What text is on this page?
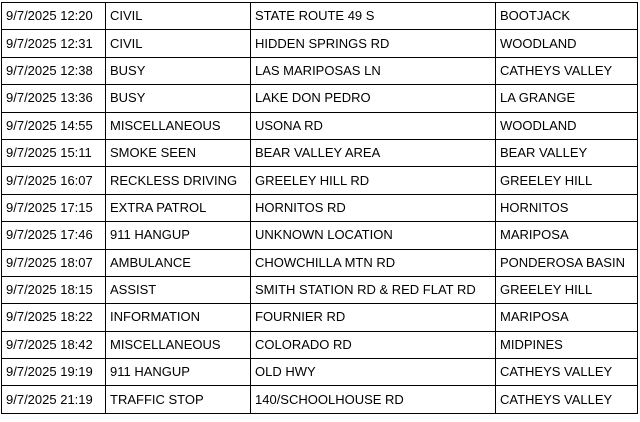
9/7/2025 12:20	CIVIL	STATE ROUTE 49 S	BOOTJACK
9/7/2025 12:31	CIVIL	HIDDEN SPRINGS RD	WOODLAND
9/7/2025 12:38	BUSY	LAS MARIPOSAS LN	CATHEYS VALLEY
9/7/2025 13:36	BUSY	LAKE DON PEDRO	LA GRANGE
9/7/2025 14:55	MISCELLANEOUS	USONA RD	WOODLAND
9/7/2025 15:11	SMOKE SEEN	BEAR VALLEY AREA	BEAR VALLEY
9/7/2025 16:07	RECKLESS DRIVING	GREELEY HILL RD	GREELEY HILL
9/7/2025 17:15	EXTRA PATROL	HORNITOS RD	HORNITOS
9/7/2025 17:46	911 HANGUP	UNKNOWN LOCATION	MARIPOSA
9/7/2025 18:07	AMBULANCE	CHOWCHILLA MTN RD	PONDEROSA BASIN
9/7/2025 18:15	ASSIST	SMITH STATION RD & RED FLAT RD	GREELEY HILL
9/7/2025 18:22	INFORMATION	FOURNIER RD	MARIPOSA
9/7/2025 18:42	MISCELLANEOUS	COLORADO RD	MIDPINES
9/7/2025 19:19	911 HANGUP	OLD HWY	CATHEYS VALLEY
9/7/2025 21:19	TRAFFIC STOP	140/SCHOOLHOUSE RD	CATHEYS VALLEY
